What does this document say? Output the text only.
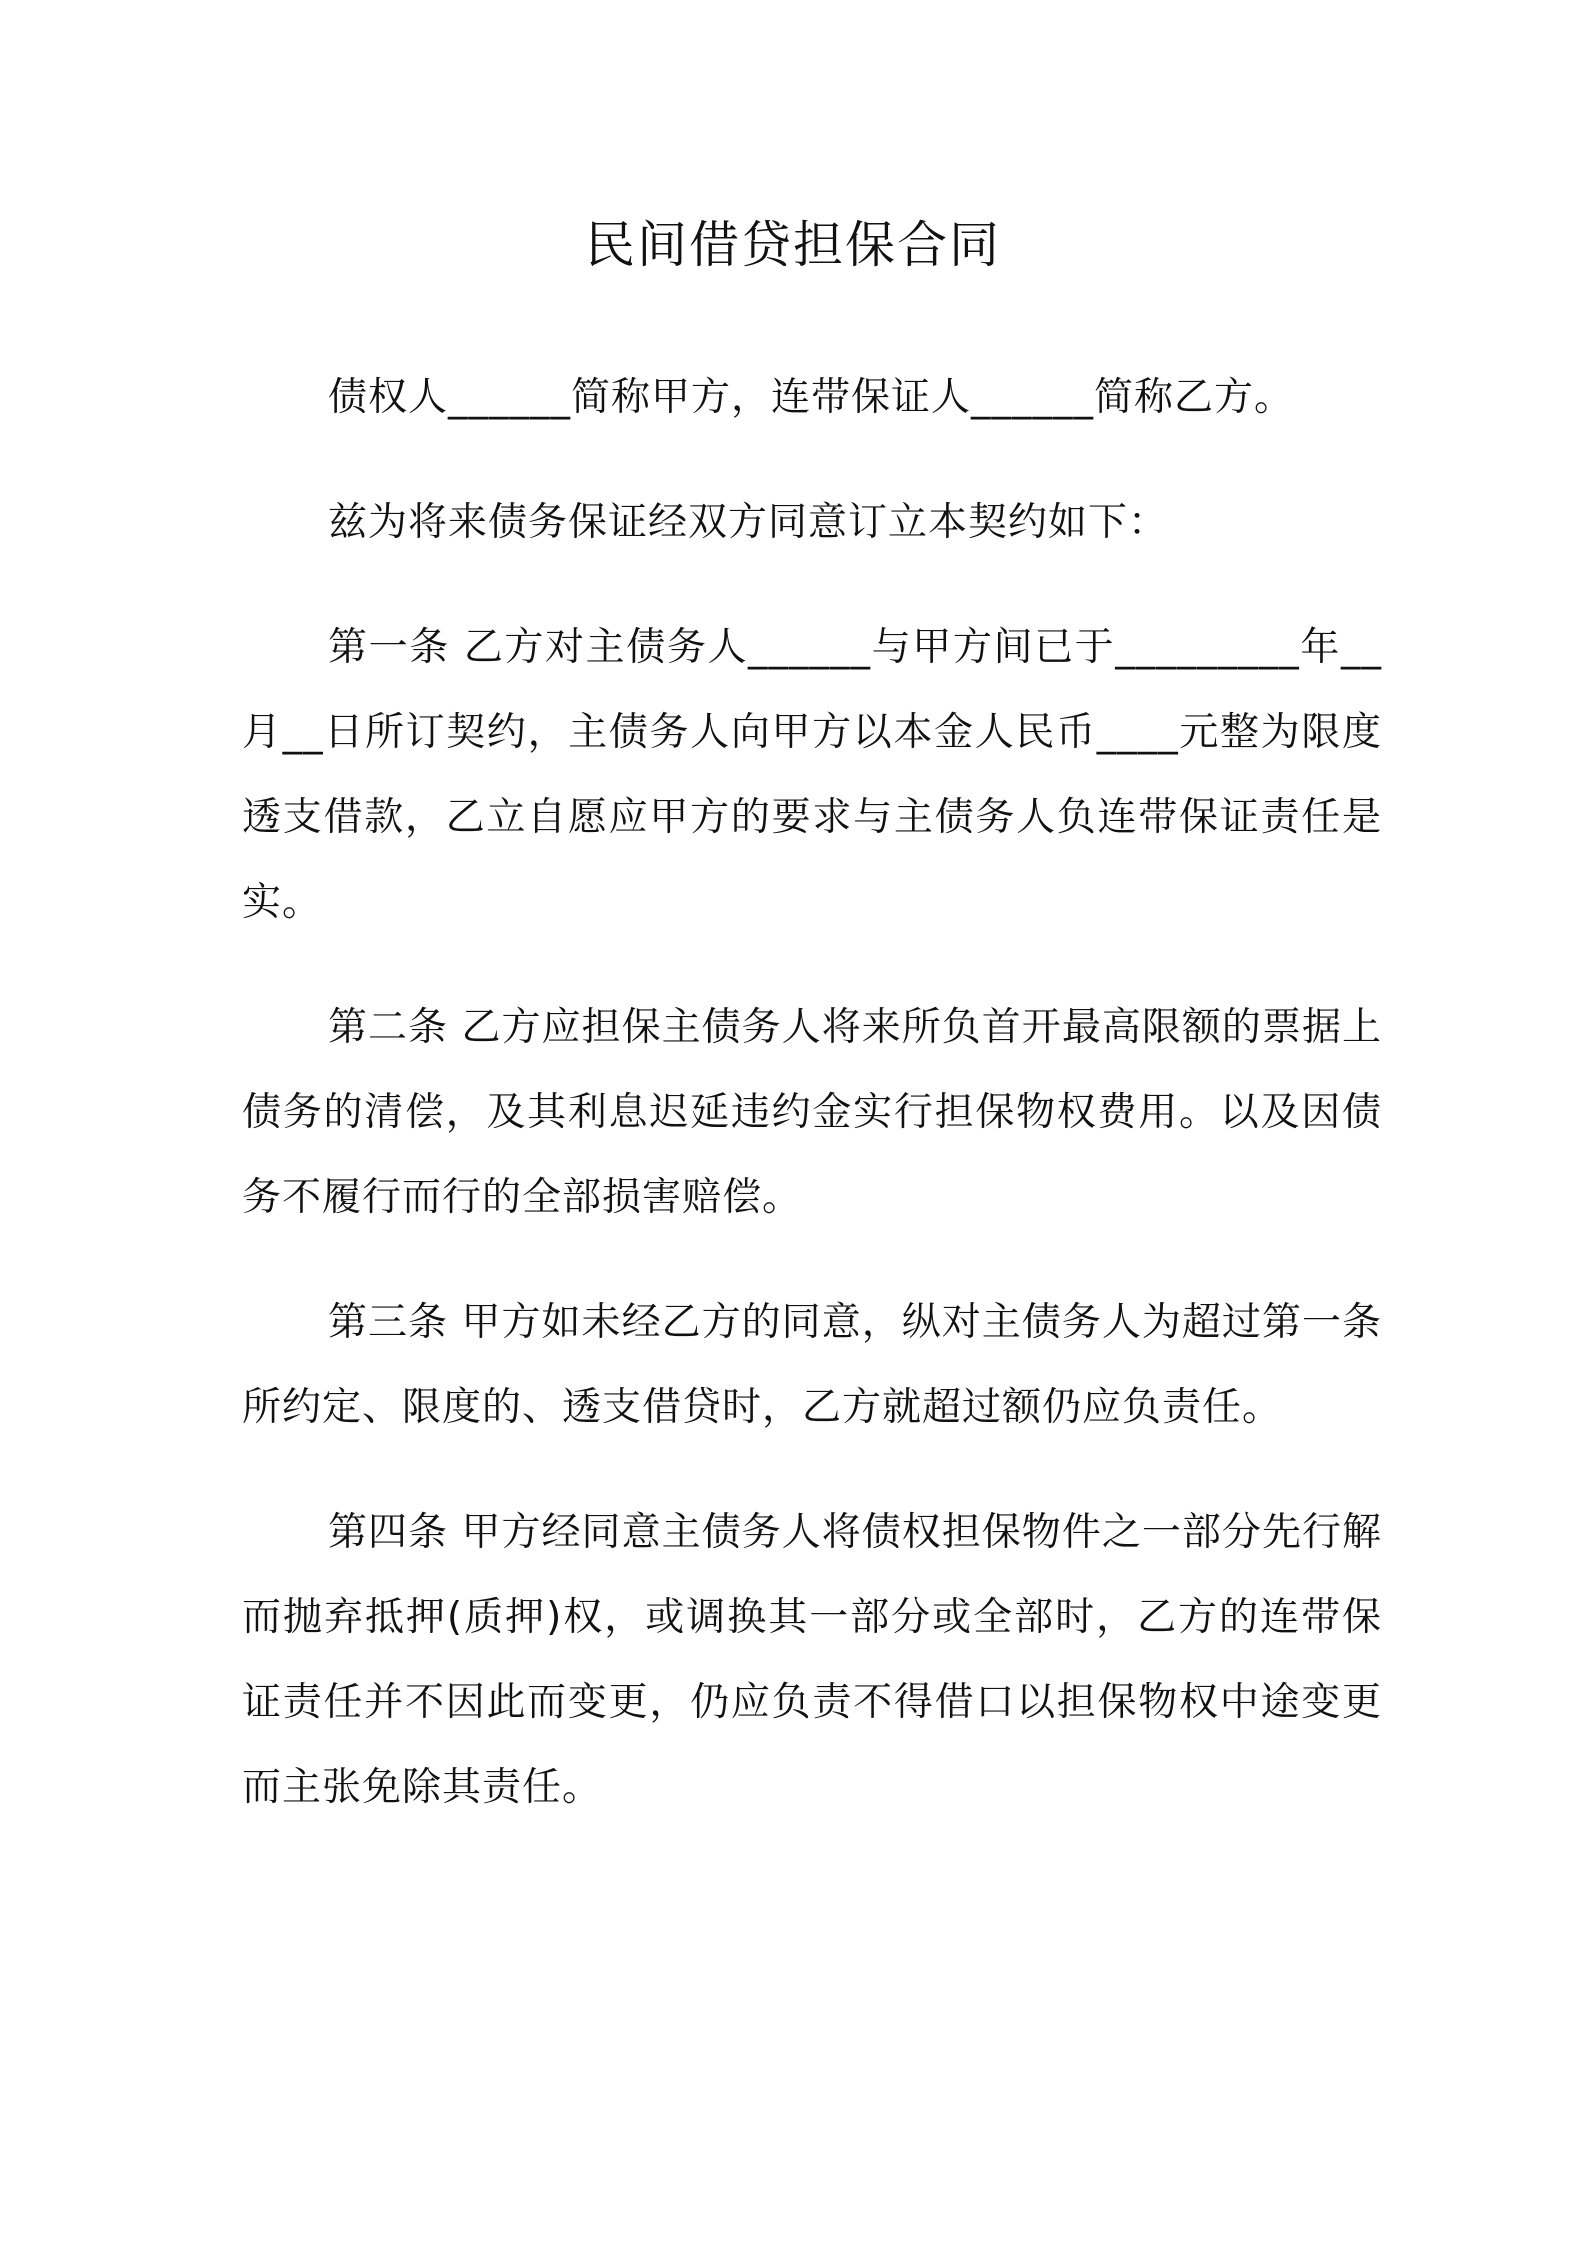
民间借贷担保合同

债权人______简称甲方，连带保证人______简称乙方。

兹为将来债务保证经双方同意订立本契约如下：

第一条 乙方对主债务人______与甲方间已于_________年__月__日所订契约，主债务人向甲方以本金人民币____元整为限度透支借款，乙立自愿应甲方的要求与主债务人负连带保证责任是实。

第二条 乙方应担保主债务人将来所负首开最高限额的票据上债务的清偿，及其利息迟延违约金实行担保物权费用。以及因债务不履行而行的全部损害赔偿。

第三条 甲方如未经乙方的同意，纵对主债务人为超过第一条所约定、限度的、透支借贷时，乙方就超过额仍应负责任。

第四条 甲方经同意主债务人将债权担保物件之一部分先行解而抛弃抵押(质押)权，或调换其一部分或全部时，乙方的连带保证责任并不因此而变更，仍应负责不得借口以担保物权中途变更而主张免除其责任。
